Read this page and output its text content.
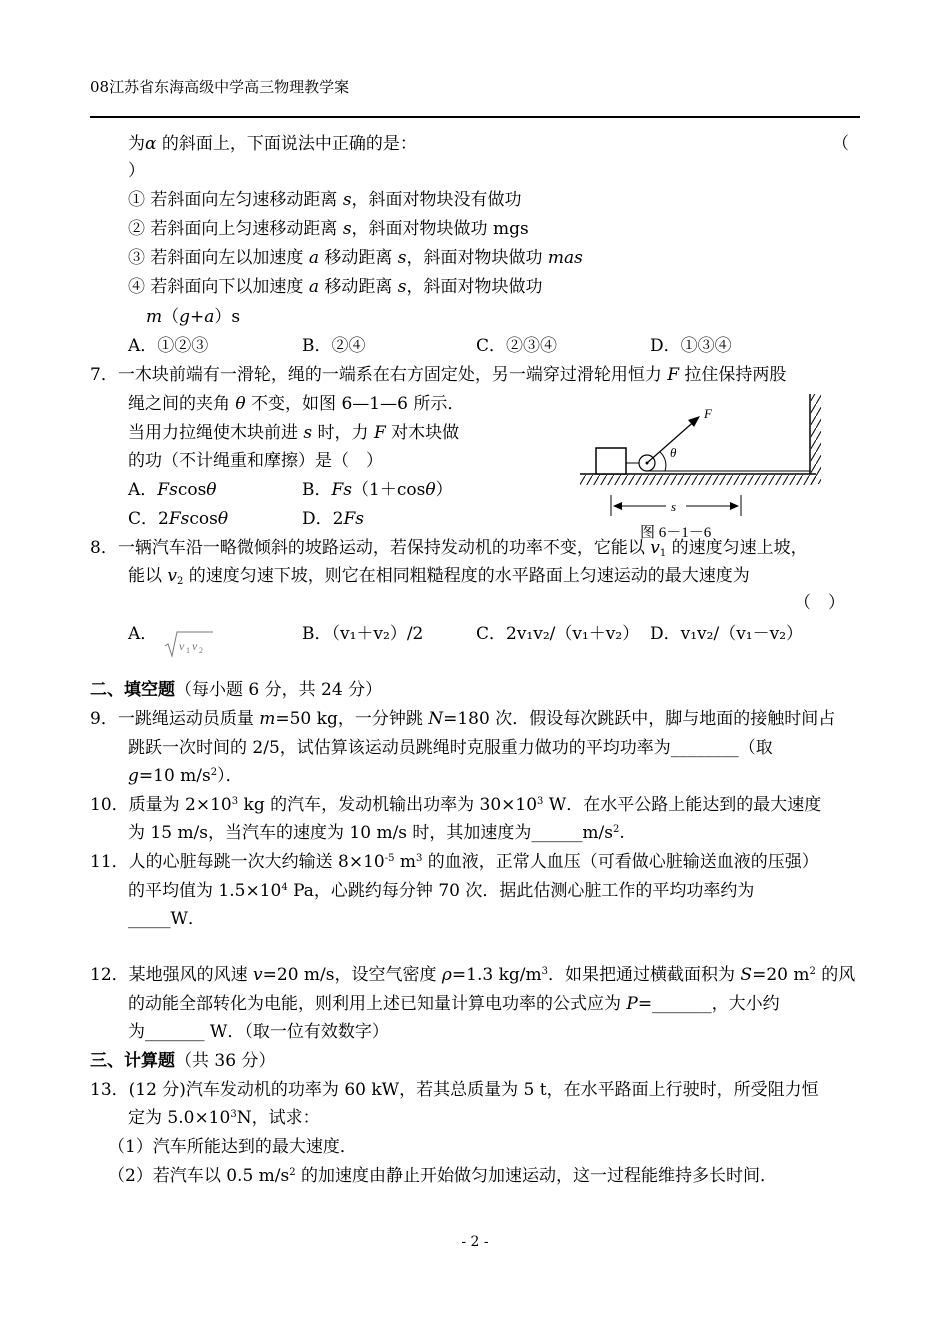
08江苏省东海高级中学高三物理教学案
为α 的斜面上，下面说法中正确的是：	（
）
① 若斜面向左匀速移动距离 s，斜面对物块没有做功
② 若斜面向上匀速移动距离 s，斜面对物块做功 mgs
③ 若斜面向左以加速度 a 移动距离 s，斜面对物块做功 mas
④ 若斜面向下以加速度 a 移动距离 s，斜面对物块做功
m（g+a）s
A．①②③	B．②④	C．②③④	D．①③④
7．一木块前端有一滑轮，绳的一端系在右方固定处，另一端穿过滑轮用恒力 F 拉住保持两股
绳之间的夹角 θ 不变，如图 6—1—6 所示．
当用力拉绳使木块前进 s 时，力 F 对木块做
的功（不计绳重和摩擦）是（　）
A．Fscosθ	B．Fs（1＋cosθ）
C．2Fscosθ	D．2Fs
F
θ
s
图 6－1－6
8．一辆汽车沿一略微倾斜的坡路运动，若保持发动机的功率不变，它能以 $v_1$ 的速度匀速上坡，
能以 $v_2$ 的速度匀速下坡，则它在相同粗糙程度的水平路面上匀速运动的最大速度为
（　）
A．
v 1 v 2
B．（v₁＋v₂）/2	C．2v₁v₂/（v₁＋v₂） D．v₁v₂/（v₁－v₂）
二、填空题（每小题 6 分，共 24 分）
9．一跳绳运动员质量 m=50 kg，一分钟跳 N=180 次．假设每次跳跃中，脚与地面的接触时间占
跳跃一次时间的 2/5，试估算该运动员跳绳时克服重力做功的平均功率为________（取
g=10 $m/s^2$）．
10．质量为 $2\times 10^3$ kg 的汽车，发动机输出功率为 $30\times 10^3$ W．在水平公路上能达到的最大速度
为 15 m/s，当汽车的速度为 10 m/s 时，其加速度为$\_\_\_\_\_\_m/s^2$.
11．人的心脏每跳一次大约输送 $8\times 10^{-5}$ $m^3$ 的血液，正常人血压（可看做心脏输送血液的压强）
的平均值为 $1.5\times 10^4$ Pa，心跳约每分钟 70 次．据此估测心脏工作的平均功率约为
_____W．
12．某地强风的风速 v=20 m/s，设空气密度 ρ=1.3 $kg/m^3$．如果把通过横截面积为 S=20 $m^2$ 的风
的动能全部转化为电能，则利用上述已知量计算电功率的公式应为 P=_______，大小约
为_______ W．（取一位有效数字）
三、计算题（共 36 分）
13．(12 分)汽车发动机的功率为 60 kW，若其总质量为 5 t，在水平路面上行驶时，所受阻力恒
定为 $5.0\times 10^3N$，试求：
（1）汽车所能达到的最大速度．
（2）若汽车以 0.5 $m/s^2$ 的加速度由静止开始做匀加速运动，这一过程能维持多长时间．
- 2 -
